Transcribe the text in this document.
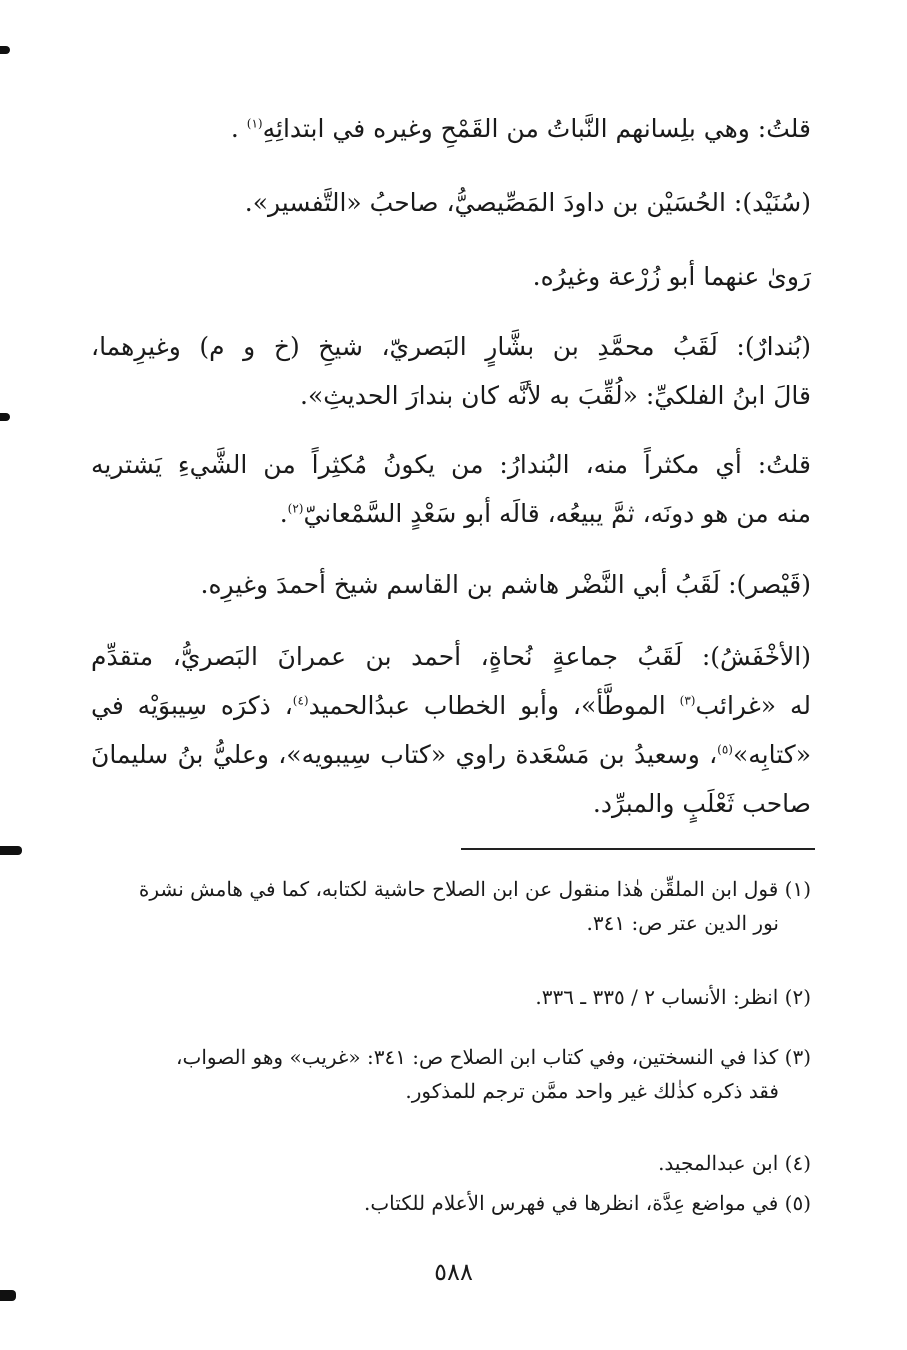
قلتُ: وهي بلِسانهم النَّباتُ من القَمْحِ وغيره في ابتدائِهِ$^{(١)}$ .

(سُنَيْد): الحُسَيْن بن داودَ المَصِّيصيُّ، صاحبُ «التَّفسير».

رَوىٰ عنهما أبو زُرْعة وغيرُه.

(بُندارٌ): لَقَبُ محمَّدِ بن بشَّارٍ البَصريّ، شيخِ (خ و م) وغيرِهما،
قالَ ابنُ الفلكيِّ: «لُقِّبَ به لأنَّه كان بندارَ الحديثِ».

قلتُ: أي مكثراً منه، البُندارُ: من يكونُ مُكثِراً من الشَّيءِ يَشتريه
منه من هو دونَه، ثمَّ يبيعُه، قالَه أبو سَعْدٍ السَّمْعانيّ$^{(٢)}$.

(قَيْصر): لَقَبُ أبي النَّضْر هاشم بن القاسم شيخ أحمدَ وغيرِه.

(الأخْفَشُ): لَقَبُ جماعةٍ نُحاةٍ، أحمد بن عمرانَ البَصريُّ، متقدِّم
له «غرائب$^{(٣)}$ الموطَّأ»، وأبو الخطاب عبدُالحميد$^{(٤)}$، ذكرَه سِيبوَيْه في
«كتابِه»$^{(٥)}$، وسعيدُ بن مَسْعَدة راوي «كتاب سِيبويه»، وعليُّ بنُ سليمانَ
صاحب ثَعْلَبٍ والمبرِّد.

(١) قول ابن الملقِّن هٰذا منقول عن ابن الصلاح حاشية لكتابه، كما في هامش نشرة
نور الدين عتر ص: ٣٤١.

(٢) انظر: الأنساب ٢ / ٣٣٥ ـ ٣٣٦.

(٣) كذا في النسختين، وفي كتاب ابن الصلاح ص: ٣٤١: «غريب» وهو الصواب،
فقد ذكره كذٰلك غير واحد ممَّن ترجم للمذكور.

(٤) ابن عبدالمجيد.

(٥) في مواضع عِدَّة، انظرها في فهرس الأعلام للكتاب.

٥٨٨
